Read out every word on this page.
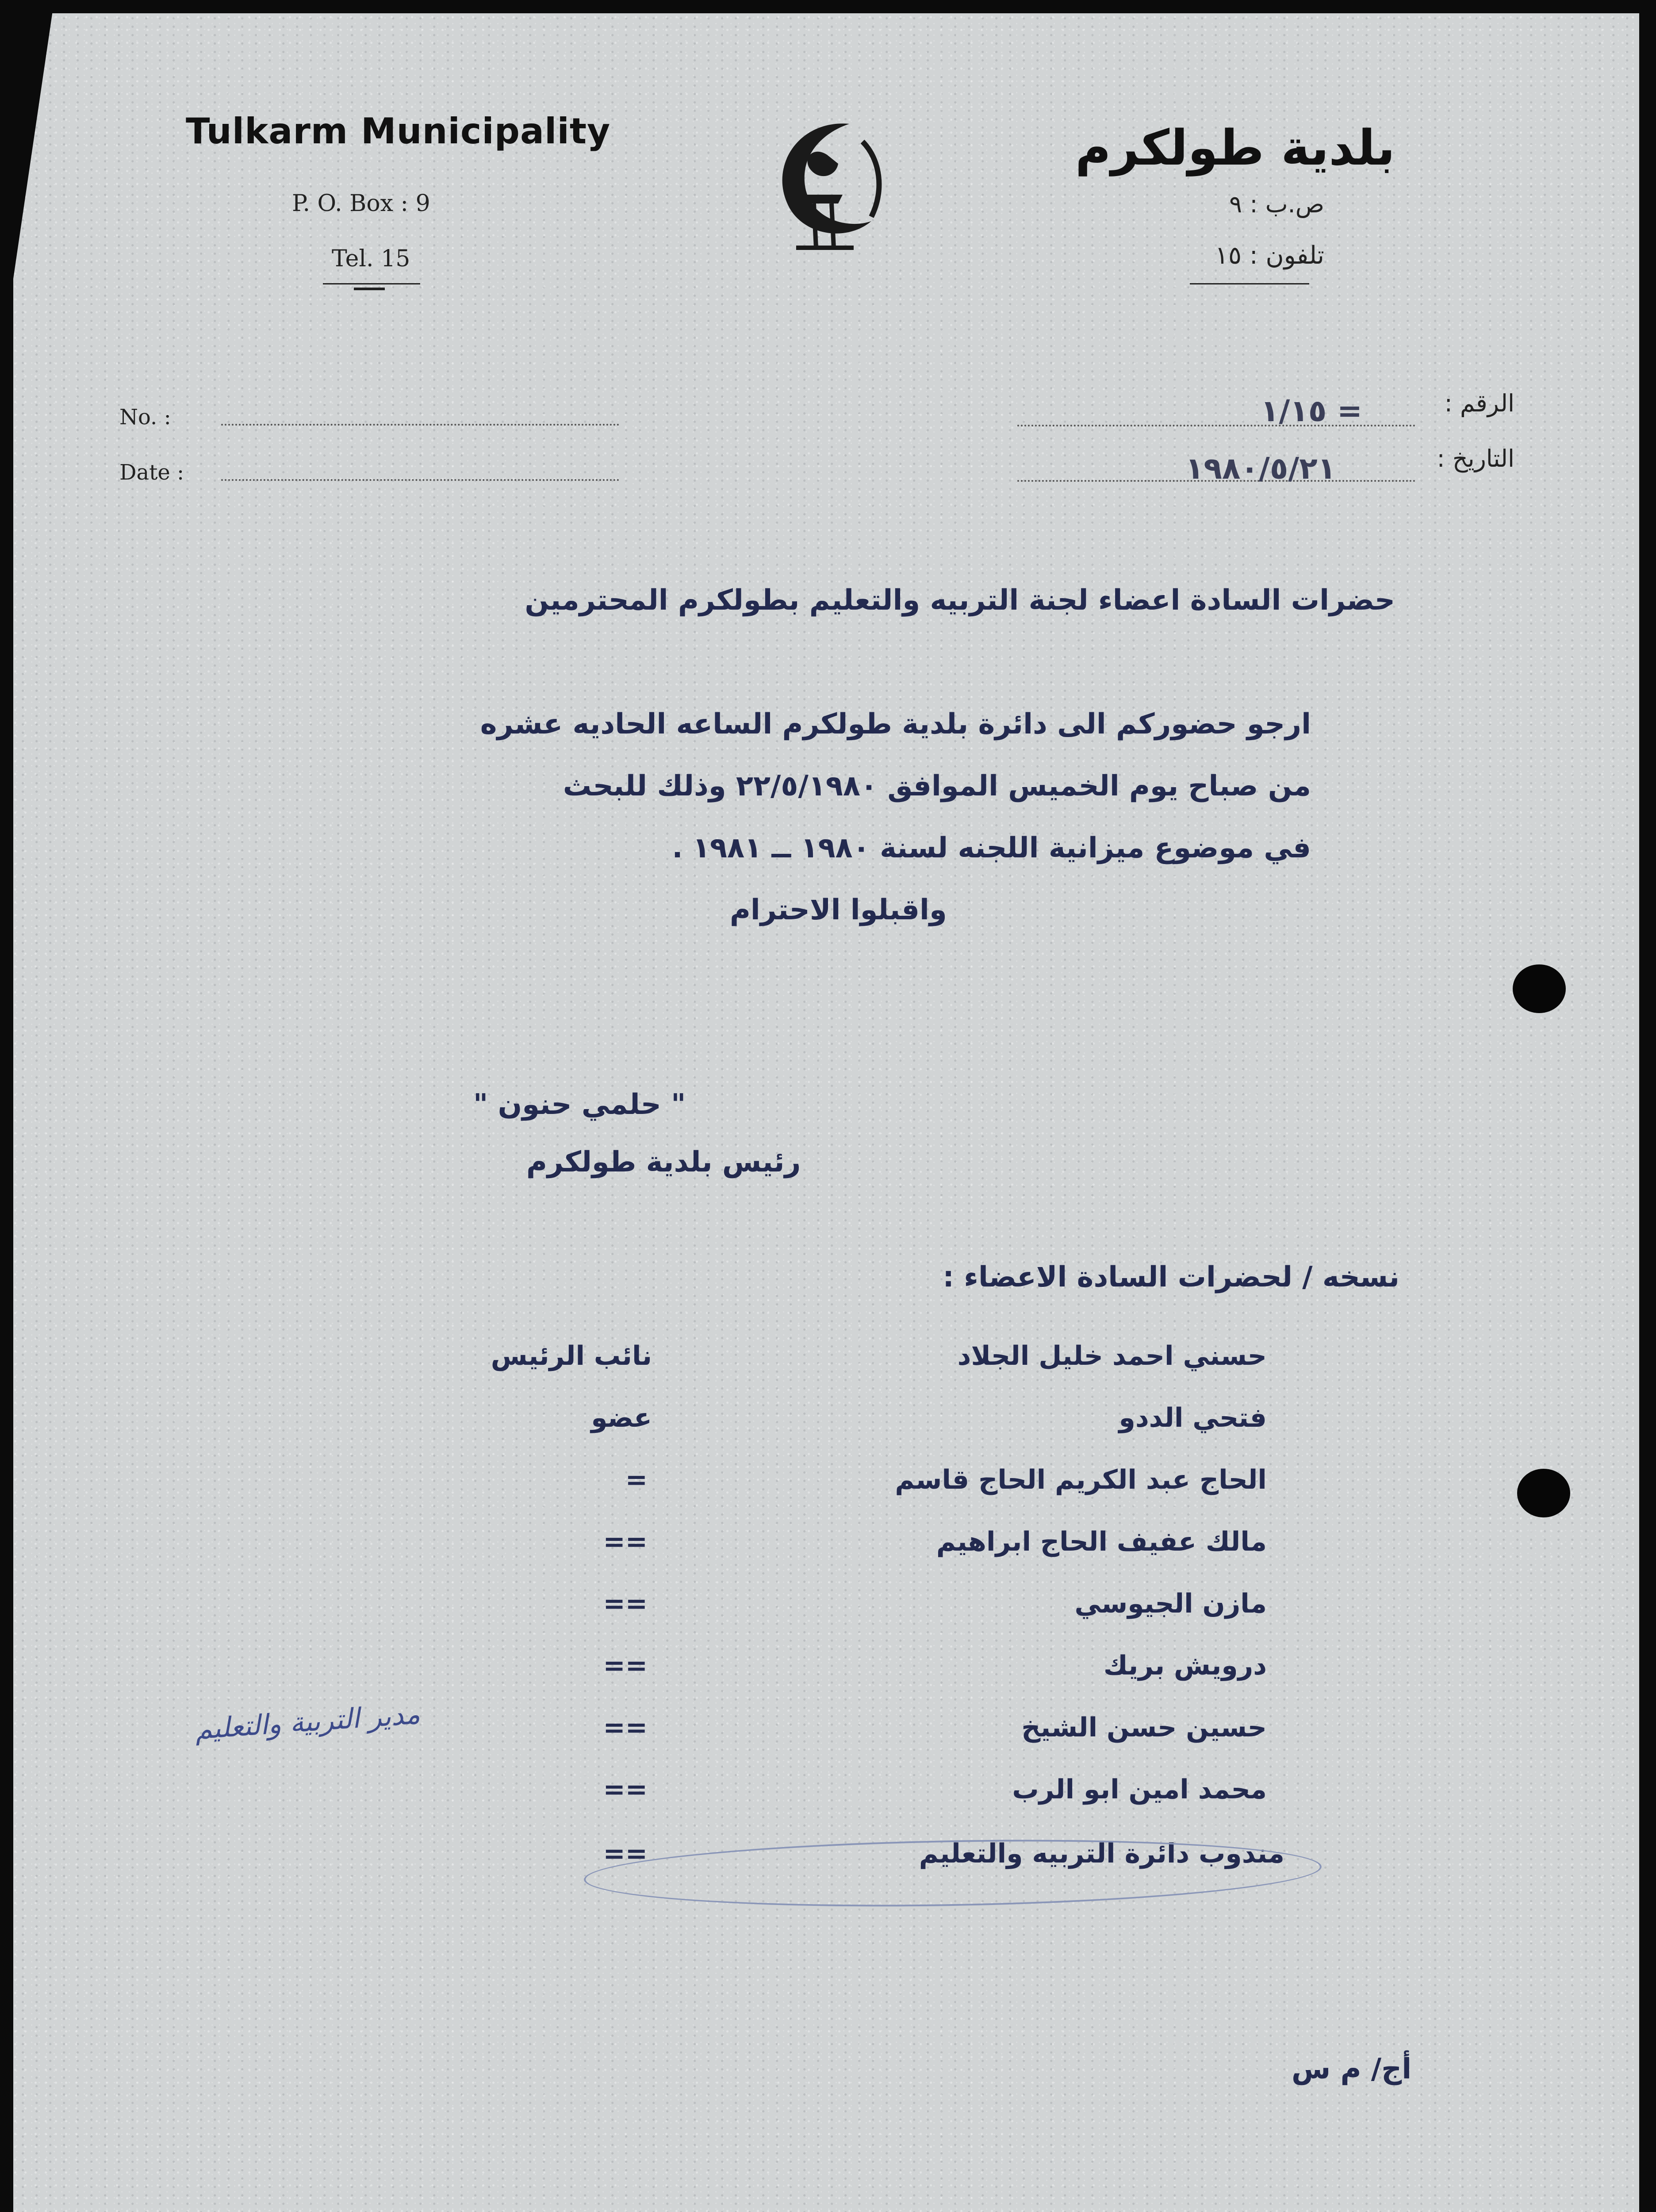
Tulkarm Municipality
P. O. Box : 9
Tel. 15
بلدية طولكرم
ص.ب : ٩
تلفون : ١٥
No. :
Date :
الرقم :
١/١٥ =
التاريخ :
١٩٨٠/٥/٢١
حضرات السادة اعضاء لجنة التربيه والتعليم بطولكرم المحترمين
ارجو حضوركم الى دائرة بلدية طولكرم الساعه الحاديه عشره
من صباح يوم الخميس الموافق ٢٢/٥/١٩٨٠ وذلك للبحث
في موضوع ميزانية اللجنه لسنة ١٩٨٠ ــ ١٩٨١ .
واقبلوا الاحترام
" حلمي حنون "
رئيس بلدية طولكرم
نسخه / لحضرات السادة الاعضاء :
حسني احمد خليل الجلاد
نائب الرئيس
فتحي الددو
عضو
الحاج عبد الكريم الحاج قاسم
=
مالك عفيف الحاج ابراهيم
==
مازن الجيوسي
==
درويش بريك
==
حسين حسن الشيخ
==
محمد امين ابو الرب
==
مندوب دائرة التربيه والتعليم
==
مدير التربية والتعليم
أج/ م س
